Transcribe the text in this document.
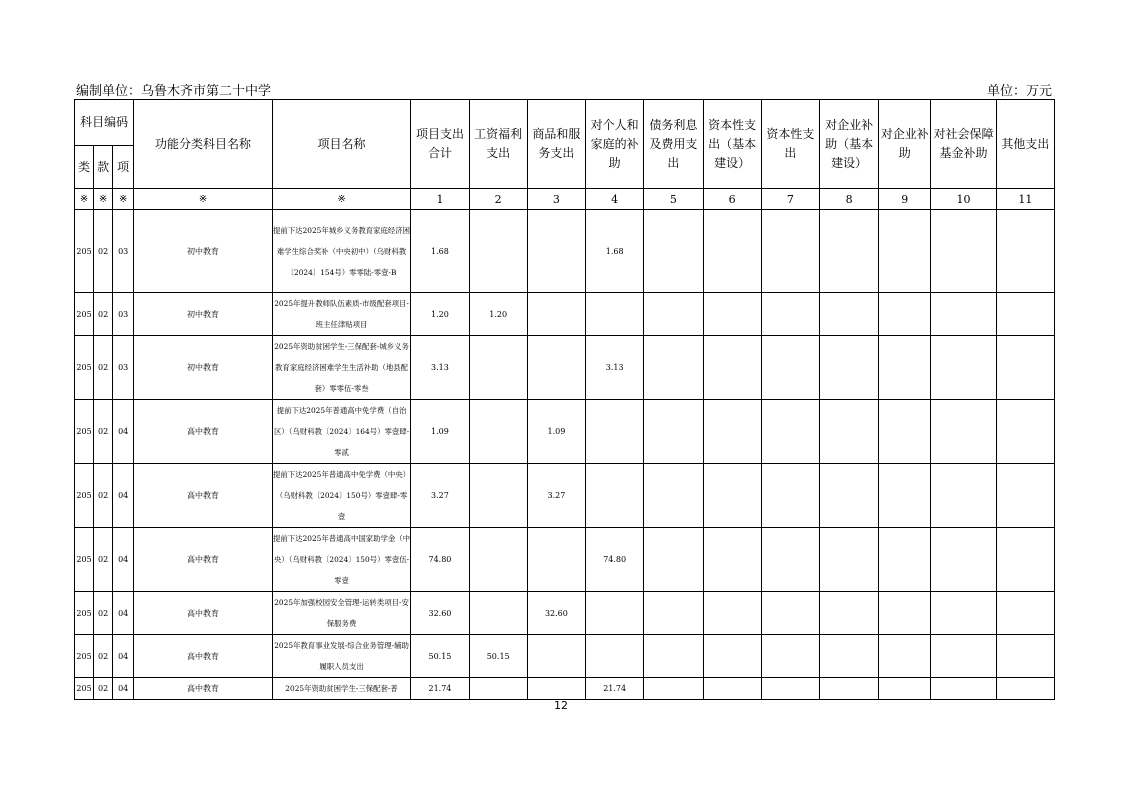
编制单位：乌鲁木齐市第二十中学	单位：万元
科目编码			功能分类科目名称	项目名称	项目支出合计	工资福利支出	商品和服务支出	对个人和家庭的补助	债务利息及费用支出	资本性支出（基本建设）	资本性支出	对企业补助（基本建设）	对企业补助	对社会保障基金补助	其他支出
类	款	项													
※	※	※	※	※	1	2	3	4	5	6	7	8	9	10	11
205	02	03	初中教育	提前下达2025年城乡义务教育家庭经济困难学生综合奖补（中央初中）（乌财科教〔2024〕154号）零零陆-零壹-B	1.68			1.68							
205	02	03	初中教育	2025年提升教师队伍素质-市级配套项目-班主任津贴项目	1.20	1.20									
205	02	03	初中教育	2025年资助贫困学生-三保配套-城乡义务教育家庭经济困难学生生活补助（地县配套）零零伍-零叁	3.13			3.13							
205	02	04	高中教育	提前下达2025年普通高中免学费（自治区）（乌财科教〔2024〕164号）零壹肆-零贰	1.09		1.09								
205	02	04	高中教育	提前下达2025年普通高中免学费（中央）（乌财科教〔2024〕150号）零壹肆-零壹	3.27		3.27								
205	02	04	高中教育	提前下达2025年普通高中国家助学金（中央）（乌财科教〔2024〕150号）零壹伍-零壹	74.80			74.80							
205	02	04	高中教育	2025年加强校园安全管理-运转类项目-安保服务费	32.60		32.60								
205	02	04	高中教育	2025年教育事业发展-综合业务管理-辅助履职人员支出	50.15	50.15									
205	02	04	高中教育	2025年资助贫困学生-三保配套-普	21.74			21.74							
12
